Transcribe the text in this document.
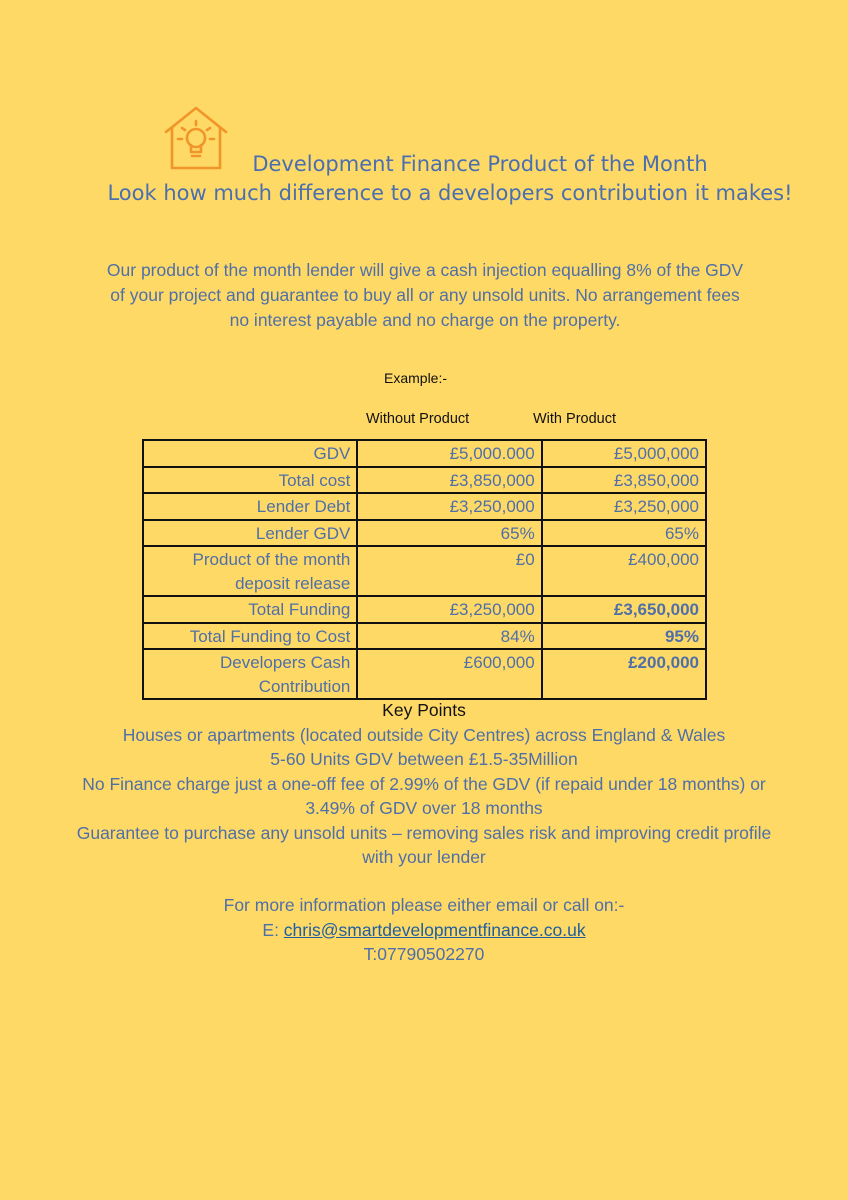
Development Finance Product of the Month
Look how much difference to a developers contribution it makes!
Our product of the month lender will give a cash injection equalling 8% of the GDV of your project and guarantee to buy all or any unsold units. No arrangement fees no interest payable and no charge on the property.
Example:-
Without Product	With Product
GDV	£5,000.000	£5,000,000
Total cost	£3,850,000	£3,850,000
Lender Debt	£3,250,000	£3,250,000
Lender GDV	65%	65%
Product of the month deposit release	£0	£400,000
Total Funding	£3,250,000	£3,650,000
Total Funding to Cost	84%	95%
Developers Cash Contribution	£600,000	£200,000
Key Points

Houses or apartments (located outside City Centres) across England & Wales

5-60 Units GDV between £1.5-35Million

No Finance charge just a one-off fee of 2.99% of the GDV (if repaid under 18 months) or 3.49% of GDV over 18 months

Guarantee to purchase any unsold units – removing sales risk and improving credit profile with your lender

For more information please either email or call on:-

E: chris@smartdevelopmentfinance.co.uk

T:07790502270
